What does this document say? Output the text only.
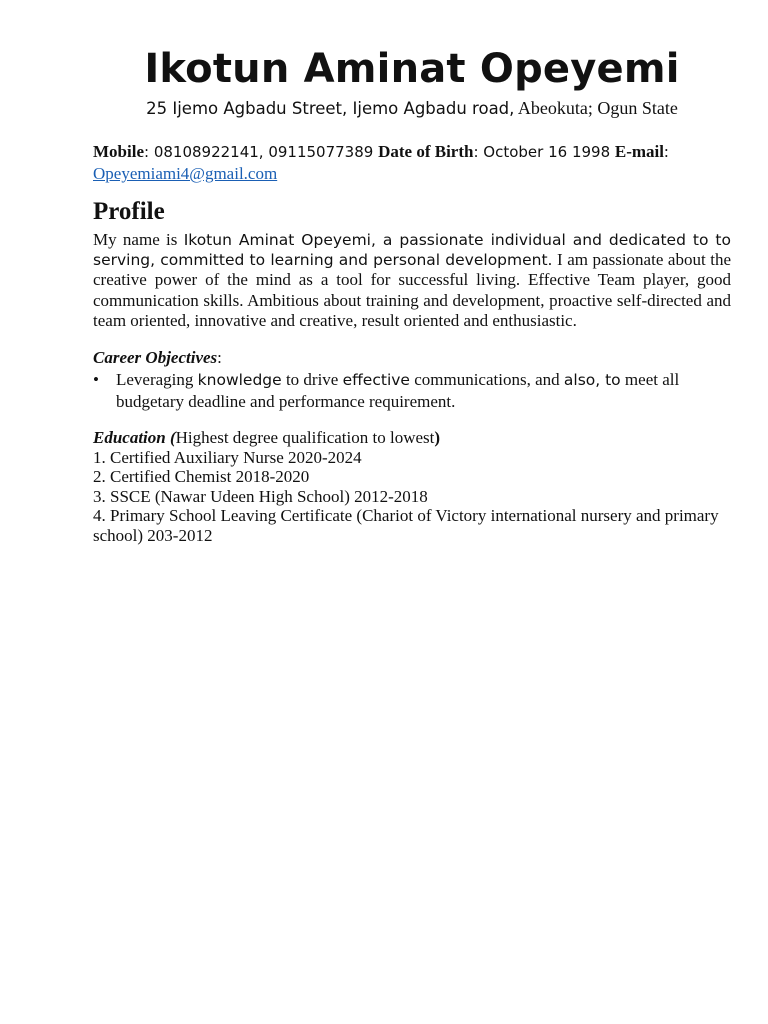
Ikotun Aminat Opeyemi
25 Ijemo Agbadu Street, Ijemo Agbadu road, Abeokuta; Ogun State
Mobile: 08108922141, 09115077389 Date of Birth: October 16 1998 E-mail:
Opeyemiami4@gmail.com
Profile
My name is Ikotun Aminat Opeyemi, a passionate individual and dedicated to to serving, committed to learning and personal development. I am passionate about the creative power of the mind as a tool for successful living. Effective Team player, good communication skills. Ambitious about training and development, proactive self-directed and team oriented, innovative and creative, result oriented and enthusiastic.
Career Objectives:
• Leveraging knowledge to drive effective communications, and also, to meet all budgetary deadline and performance requirement.
Education (Highest degree qualification to lowest)
1. Certified Auxiliary Nurse 2020-2024
2. Certified Chemist 2018-2020
3. SSCE (Nawar Udeen High School) 2012-2018
4. Primary School Leaving Certificate (Chariot of Victory international nursery and primary school) 203-2012
